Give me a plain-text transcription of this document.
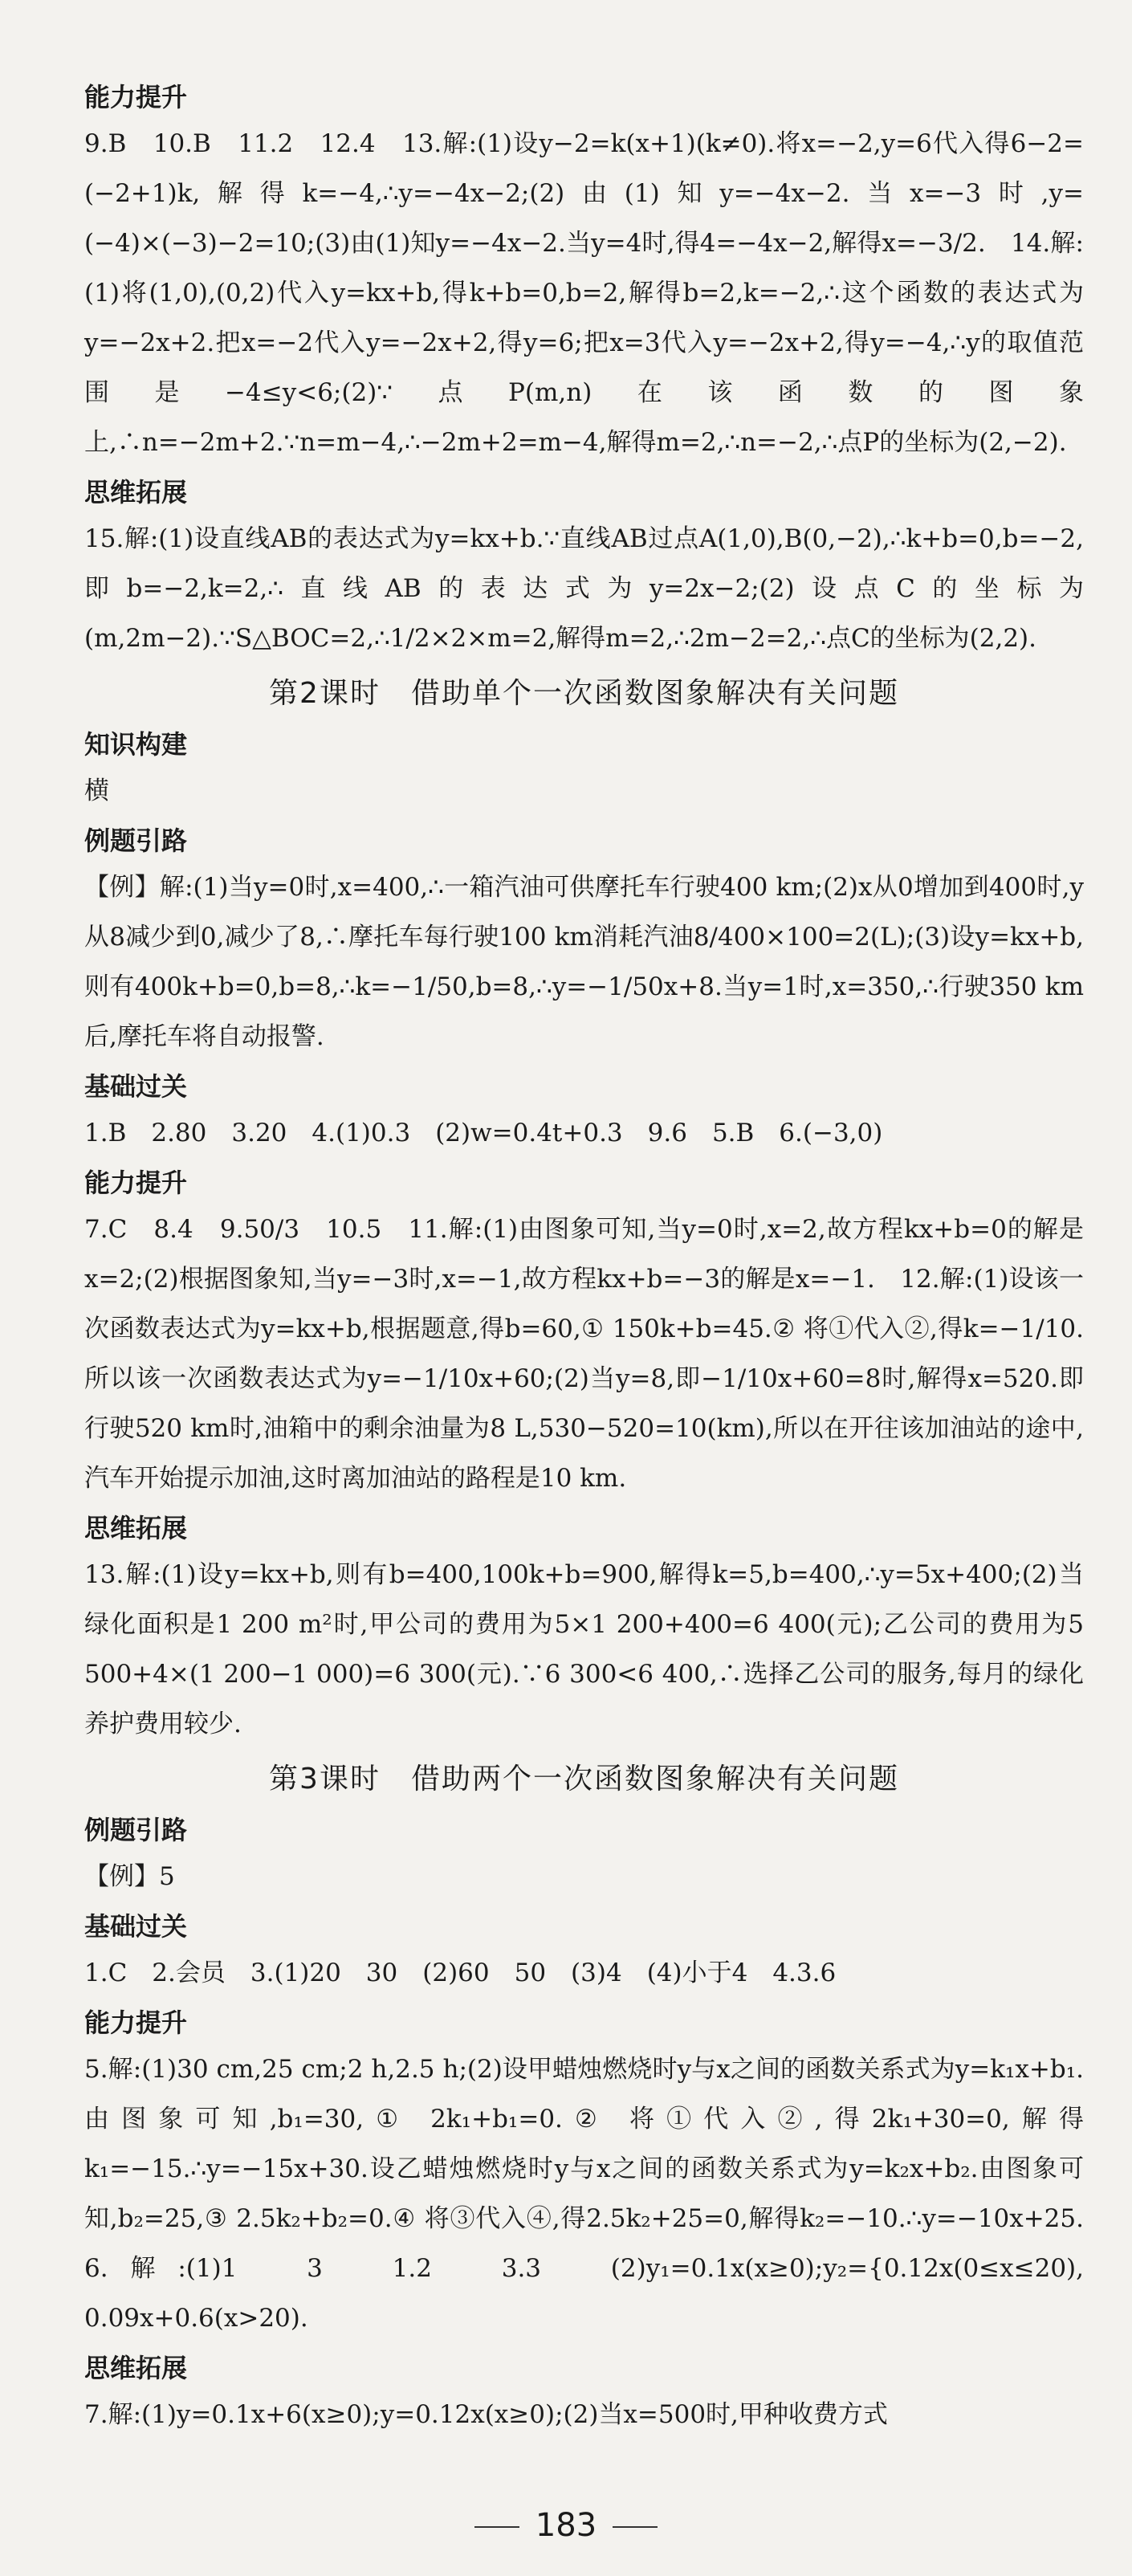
能力提升
9.B　10.B　11.2　12.4　13.解:(1)设y−2=k(x+1)(k≠0).将x=−2,y=6代入得6−2=(−2+1)k,解得k=−4,∴y=−4x−2;(2)由(1)知y=−4x−2.当x=−3时,y=(−4)×(−3)−2=10;(3)由(1)知y=−4x−2.当y=4时,得4=−4x−2,解得x=−3/2.　14.解:(1)将(1,0),(0,2)代入y=kx+b,得k+b=0,b=2,解得b=2,k=−2,∴这个函数的表达式为y=−2x+2.把x=−2代入y=−2x+2,得y=6;把x=3代入y=−2x+2,得y=−4,∴y的取值范围是−4≤y<6;(2)∵点P(m,n)在该函数的图象上,∴n=−2m+2.∵n=m−4,∴−2m+2=m−4,解得m=2,∴n=−2,∴点P的坐标为(2,−2).
思维拓展
15.解:(1)设直线AB的表达式为y=kx+b.∵直线AB过点A(1,0),B(0,−2),∴k+b=0,b=−2,即b=−2,k=2,∴直线AB的表达式为y=2x−2;(2)设点C的坐标为(m,2m−2).∵S△BOC=2,∴1/2×2×m=2,解得m=2,∴2m−2=2,∴点C的坐标为(2,2).
第2课时　借助单个一次函数图象解决有关问题
知识构建
横
例题引路
【例】解:(1)当y=0时,x=400,∴一箱汽油可供摩托车行驶400 km;(2)x从0增加到400时,y从8减少到0,减少了8,∴摩托车每行驶100 km消耗汽油8/400×100=2(L);(3)设y=kx+b,则有400k+b=0,b=8,∴k=−1/50,b=8,∴y=−1/50x+8.当y=1时,x=350,∴行驶350 km后,摩托车将自动报警.
基础过关
1.B　2.80　3.20　4.(1)0.3　(2)w=0.4t+0.3　9.6　5.B　6.(−3,0)
能力提升
7.C　8.4　9.50/3　10.5　11.解:(1)由图象可知,当y=0时,x=2,故方程kx+b=0的解是x=2;(2)根据图象知,当y=−3时,x=−1,故方程kx+b=−3的解是x=−1.　12.解:(1)设该一次函数表达式为y=kx+b,根据题意,得b=60,① 150k+b=45.② 将①代入②,得k=−1/10.所以该一次函数表达式为y=−1/10x+60;(2)当y=8,即−1/10x+60=8时,解得x=520.即行驶520 km时,油箱中的剩余油量为8 L,530−520=10(km),所以在开往该加油站的途中,汽车开始提示加油,这时离加油站的路程是10 km.
思维拓展
13.解:(1)设y=kx+b,则有b=400,100k+b=900,解得k=5,b=400,∴y=5x+400;(2)当绿化面积是1 200 m²时,甲公司的费用为5×1 200+400=6 400(元);乙公司的费用为5 500+4×(1 200−1 000)=6 300(元).∵6 300<6 400,∴选择乙公司的服务,每月的绿化养护费用较少.
第3课时　借助两个一次函数图象解决有关问题
例题引路
【例】5
基础过关
1.C　2.会员　3.(1)20　30　(2)60　50　(3)4　(4)小于4　4.3.6
能力提升
5.解:(1)30 cm,25 cm;2 h,2.5 h;(2)设甲蜡烛燃烧时y与x之间的函数关系式为y=k₁x+b₁.由图象可知,b₁=30,① 2k₁+b₁=0.② 将①代入②,得2k₁+30=0,解得k₁=−15.∴y=−15x+30.设乙蜡烛燃烧时y与x之间的函数关系式为y=k₂x+b₂.由图象可知,b₂=25,③ 2.5k₂+b₂=0.④ 将③代入④,得2.5k₂+25=0,解得k₂=−10.∴y=−10x+25.　6.解:(1)1　3　1.2　3.3　(2)y₁=0.1x(x≥0);y₂={0.12x(0≤x≤20), 0.09x+0.6(x>20).
思维拓展
7.解:(1)y=0.1x+6(x≥0);y=0.12x(x≥0);(2)当x=500时,甲种收费方式
183
